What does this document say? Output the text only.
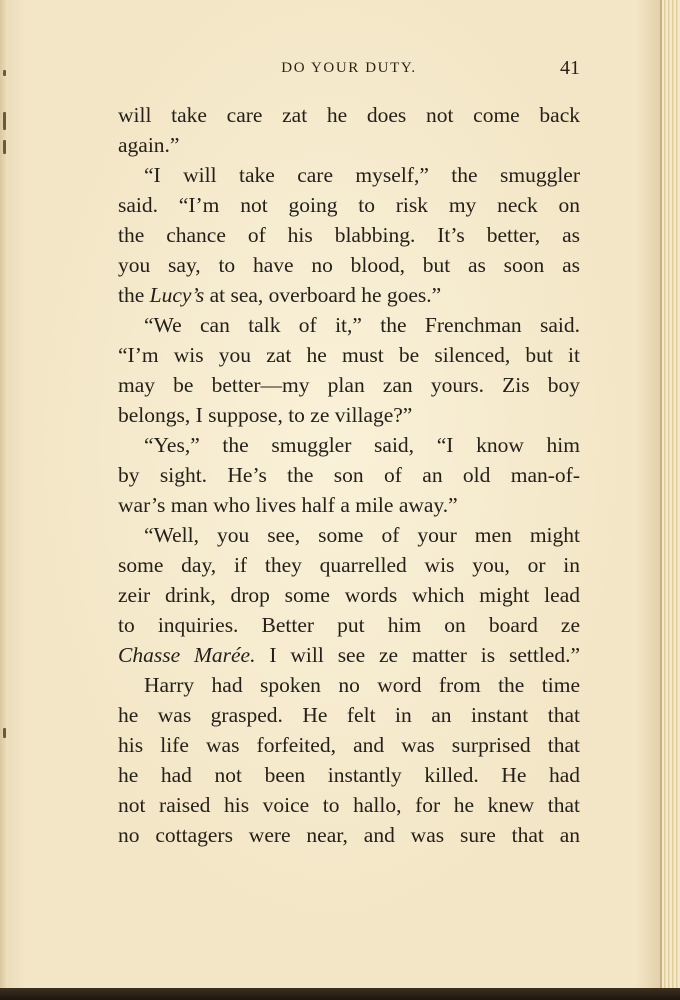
DO YOUR DUTY.	41
will take care zat he does not come back
again.”
“I will take care myself,” the smuggler
said. “I’m not going to risk my neck on
the chance of his blabbing. It’s better, as
you say, to have no blood, but as soon as
the Lucy’s at sea, overboard he goes.”
“We can talk of it,” the Frenchman said.
“I’m wis you zat he must be silenced, but it
may be better—my plan zan yours. Zis boy
belongs, I suppose, to ze village?”
“Yes,” the smuggler said, “I know him
by sight. He’s the son of an old man-of-
war’s man who lives half a mile away.”
“Well, you see, some of your men might
some day, if they quarrelled wis you, or in
zeir drink, drop some words which might lead
to inquiries. Better put him on board ze
Chasse Marée. I will see ze matter is settled.”
Harry had spoken no word from the time
he was grasped. He felt in an instant that
his life was forfeited, and was surprised that
he had not been instantly killed. He had
not raised his voice to hallo, for he knew that
no cottagers were near, and was sure that an
